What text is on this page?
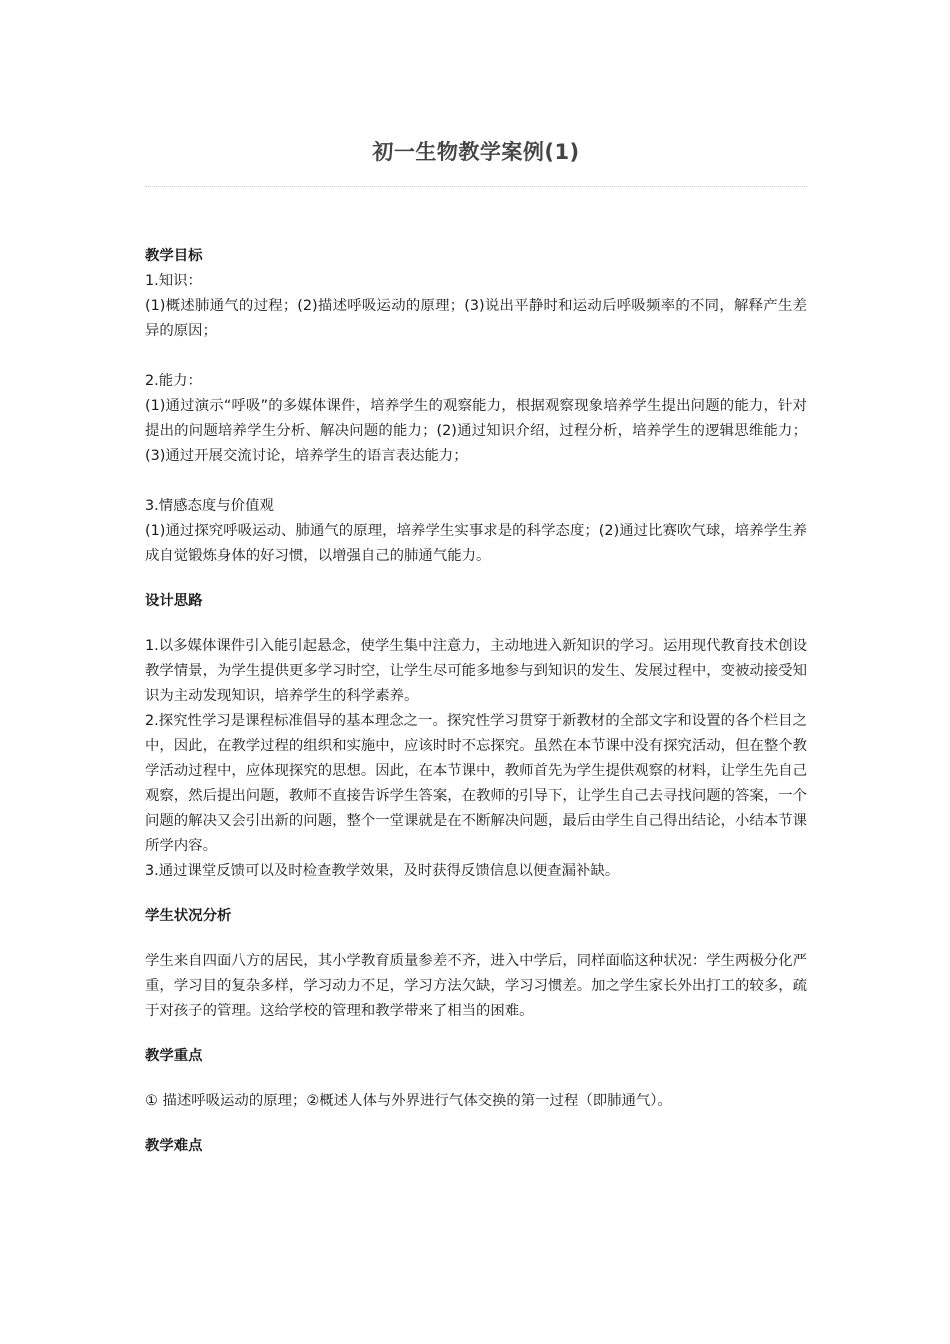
初一生物教学案例(1)

教学目标

1.知识：

(1)概述肺通气的过程；(2)描述呼吸运动的原理；(3)说出平静时和运动后呼吸频率的不同，解释产生差异的原因；

2.能力：

(1)通过演示“呼吸”的多媒体课件，培养学生的观察能力，根据观察现象培养学生提出问题的能力，针对提出的问题培养学生分析、解决问题的能力；(2)通过知识介绍，过程分析，培养学生的逻辑思维能力；(3)通过开展交流讨论，培养学生的语言表达能力；

3.情感态度与价值观

(1)通过探究呼吸运动、肺通气的原理，培养学生实事求是的科学态度；(2)通过比赛吹气球，培养学生养成自觉锻炼身体的好习惯，以增强自己的肺通气能力。

设计思路

1.以多媒体课件引入能引起悬念，使学生集中注意力，主动地进入新知识的学习。运用现代教育技术创设教学情景，为学生提供更多学习时空，让学生尽可能多地参与到知识的发生、发展过程中，变被动接受知识为主动发现知识，培养学生的科学素养。

2.探究性学习是课程标准倡导的基本理念之一。探究性学习贯穿于新教材的全部文字和设置的各个栏目之中，因此，在教学过程的组织和实施中，应该时时不忘探究。虽然在本节课中没有探究活动，但在整个教学活动过程中，应体现探究的思想。因此，在本节课中，教师首先为学生提供观察的材料，让学生先自己观察，然后提出问题，教师不直接告诉学生答案，在教师的引导下，让学生自己去寻找问题的答案，一个问题的解决又会引出新的问题，整个一堂课就是在不断解决问题，最后由学生自己得出结论，小结本节课所学内容。

3.通过课堂反馈可以及时检查教学效果，及时获得反馈信息以便查漏补缺。

学生状况分析

学生来自四面八方的居民，其小学教育质量参差不齐，进入中学后，同样面临这种状况：学生两极分化严重，学习目的复杂多样，学习动力不足，学习方法欠缺，学习习惯差。加之学生家长外出打工的较多，疏于对孩子的管理。这给学校的管理和教学带来了相当的困难。

教学重点

① 描述呼吸运动的原理；②概述人体与外界进行气体交换的第一过程（即肺通气）。

教学难点
